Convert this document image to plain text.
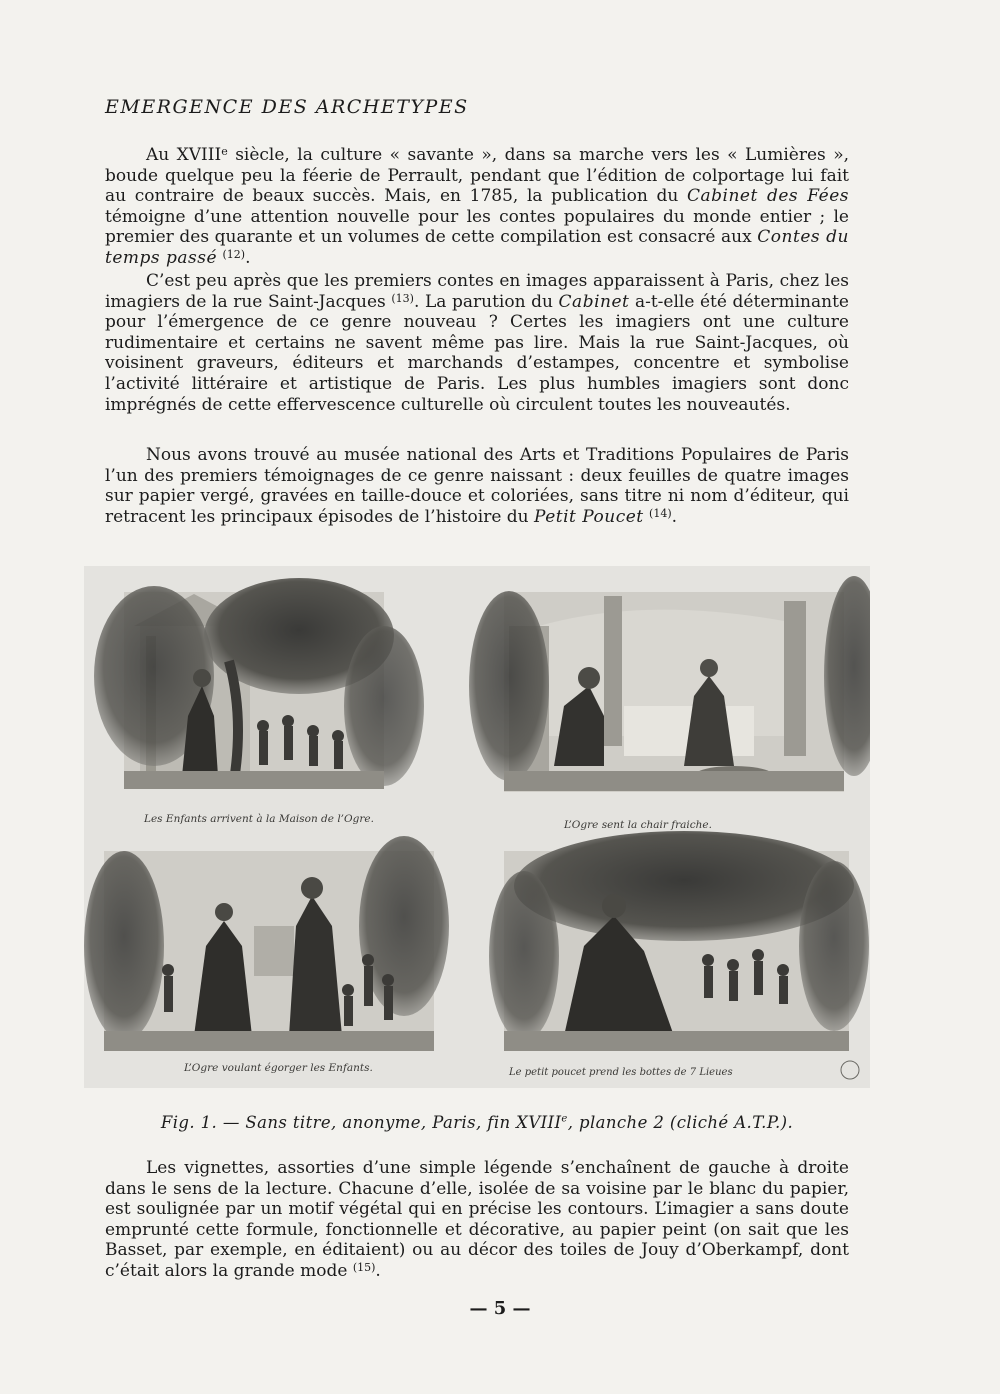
EMERGENCE DES ARCHETYPES

Au XVIIIe siècle, la culture « savante », dans sa marche vers les « Lumières », boude quelque peu la féerie de Perrault, pendant que l’édition de colportage lui fait au contraire de beaux succès. Mais, en 1785, la publication du Cabinet des Fées témoigne d’une attention nouvelle pour les contes populaires du monde entier ; le premier des quarante et un volumes de cette compilation est consacré aux Contes du temps passé $^{(12)}$.

C’est peu après que les premiers contes en images apparaissent à Paris, chez les imagiers de la rue Saint-Jacques $^{(13)}$. La parution du Cabinet a-t-elle été déterminante pour l’émergence de ce genre nouveau ? Certes les imagiers ont une culture rudimentaire et certains ne savent même pas lire. Mais la rue Saint-Jacques, où voisinent graveurs, éditeurs et marchands d’estampes, concentre et symbolise l’activité littéraire et artistique de Paris. Les plus humbles imagiers sont donc imprégnés de cette effervescence culturelle où circulent toutes les nouveautés.

Nous avons trouvé au musée national des Arts et Traditions Populaires de Paris l’un des premiers témoignages de ce genre naissant : deux feuilles de quatre images sur papier vergé, gravées en taille-douce et coloriées, sans titre ni nom d’éditeur, qui retracent les principaux épisodes de l’histoire du Petit Poucet $^{(14)}$.

Les Enfants arrivent à la Maison de l’Ogre.	L’Ogre sent la chair fraiche.
L’Ogre voulant égorger les Enfants.	Le petit poucet prend les bottes de 7 Lieues
Fig. 1. — Sans titre, anonyme, Paris, fin XVIIIe, planche 2 (cliché A.T.P.).

Les vignettes, assorties d’une simple légende s’enchaînent de gauche à droite dans le sens de la lecture. Chacune d’elle, isolée de sa voisine par le blanc du papier, est soulignée par un motif végétal qui en précise les contours. L’imagier a sans doute emprunté cette formule, fonctionnelle et décorative, au papier peint (on sait que les Basset, par exemple, en éditaient) ou au décor des toiles de Jouy d’Oberkampf, dont c’était alors la grande mode $^{(15)}$.

— 5 —
